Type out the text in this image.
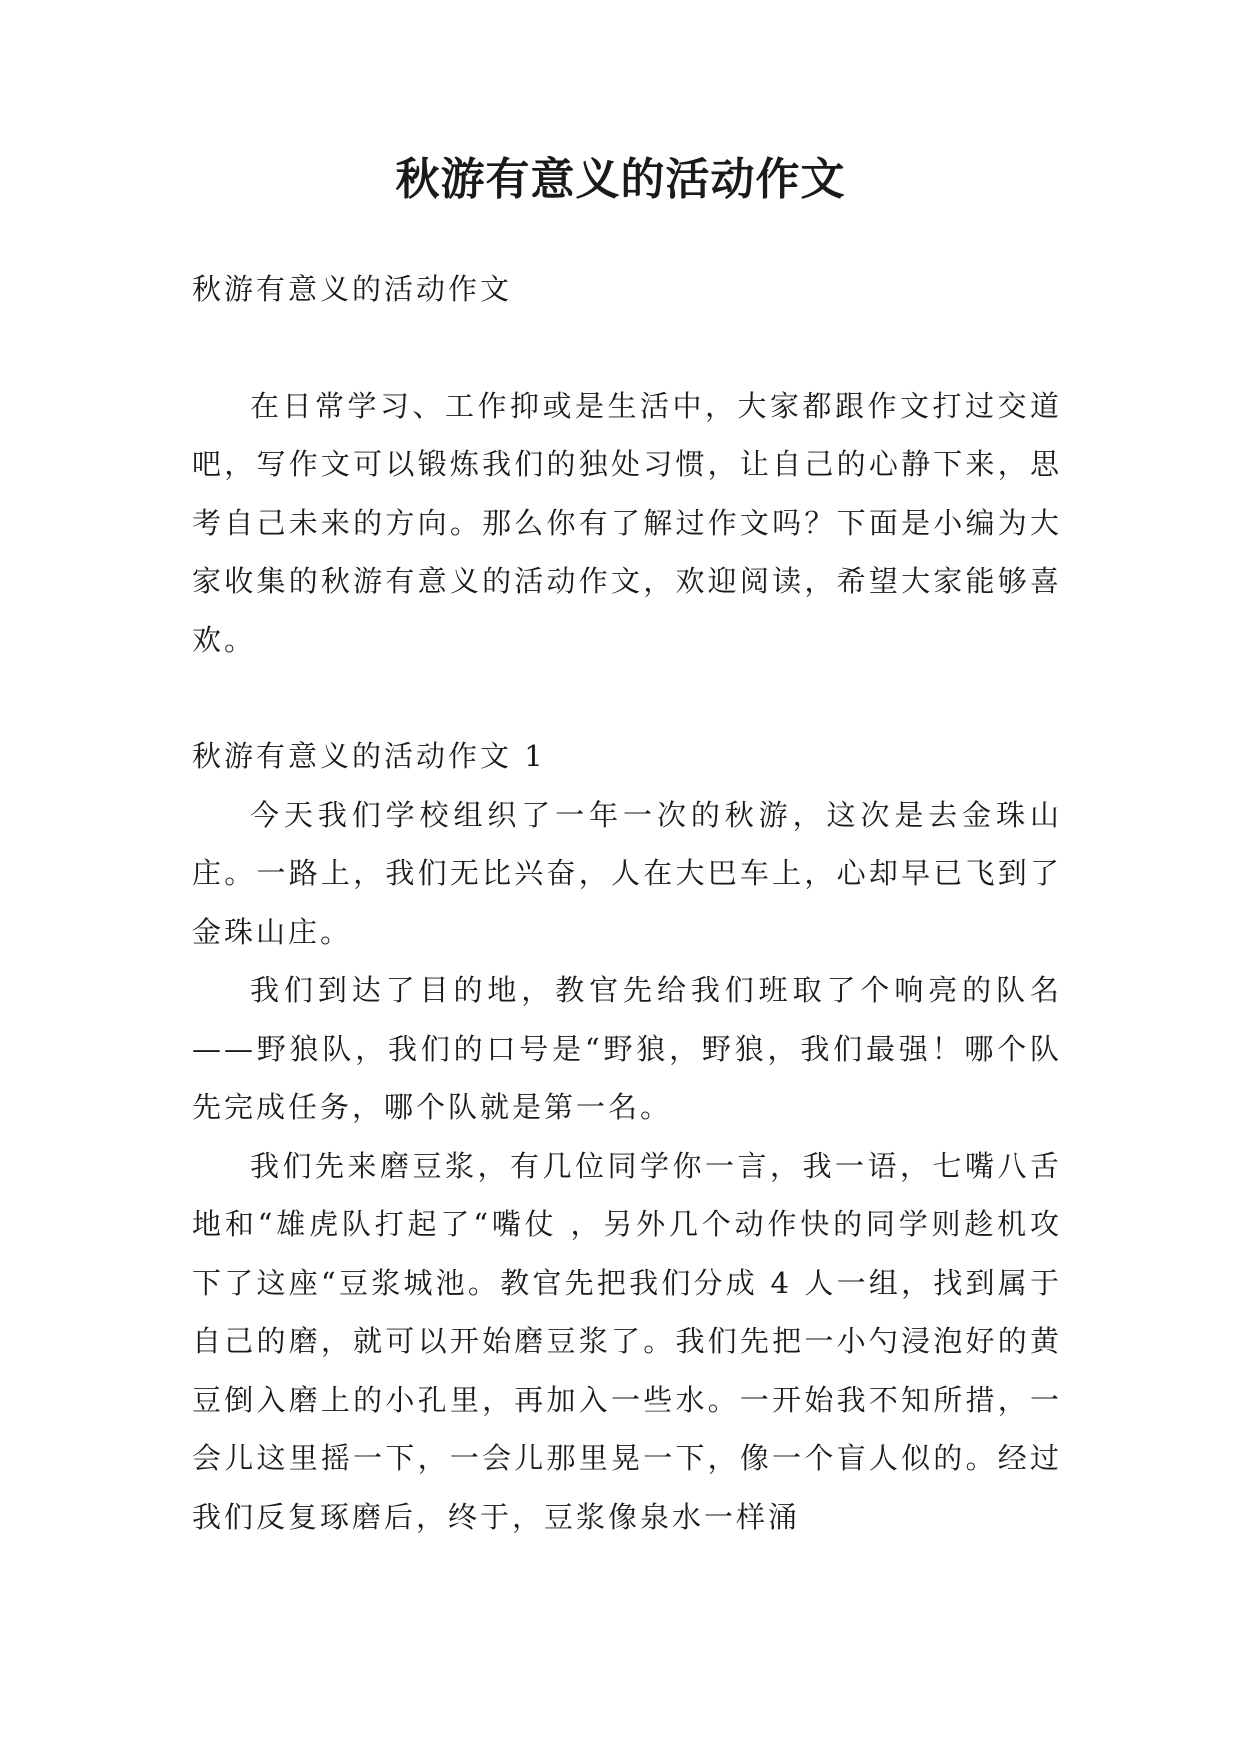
秋游有意义的活动作文

秋游有意义的活动作文

在日常学习、工作抑或是生活中，大家都跟作文打过交道吧，写作文可以锻炼我们的独处习惯，让自己的心静下来，思考自己未来的方向。那么你有了解过作文吗？下面是小编为大家收集的秋游有意义的活动作文，欢迎阅读，希望大家能够喜欢。

秋游有意义的活动作文 1

今天我们学校组织了一年一次的秋游，这次是去金珠山庄。一路上，我们无比兴奋，人在大巴车上，心却早已飞到了金珠山庄。

我们到达了目的地，教官先给我们班取了个响亮的队名——野狼队，我们的口号是“野狼，野狼，我们最强！哪个队先完成任务，哪个队就是第一名。

我们先来磨豆浆，有几位同学你一言，我一语，七嘴八舌地和“雄虎队打起了“嘴仗 ，另外几个动作快的同学则趁机攻下了这座“豆浆城池。教官先把我们分成 4 人一组，找到属于自己的磨，就可以开始磨豆浆了。我们先把一小勺浸泡好的黄豆倒入磨上的小孔里，再加入一些水。一开始我不知所措，一会儿这里摇一下，一会儿那里晃一下，像一个盲人似的。经过我们反复琢磨后，终于，豆浆像泉水一样涌
